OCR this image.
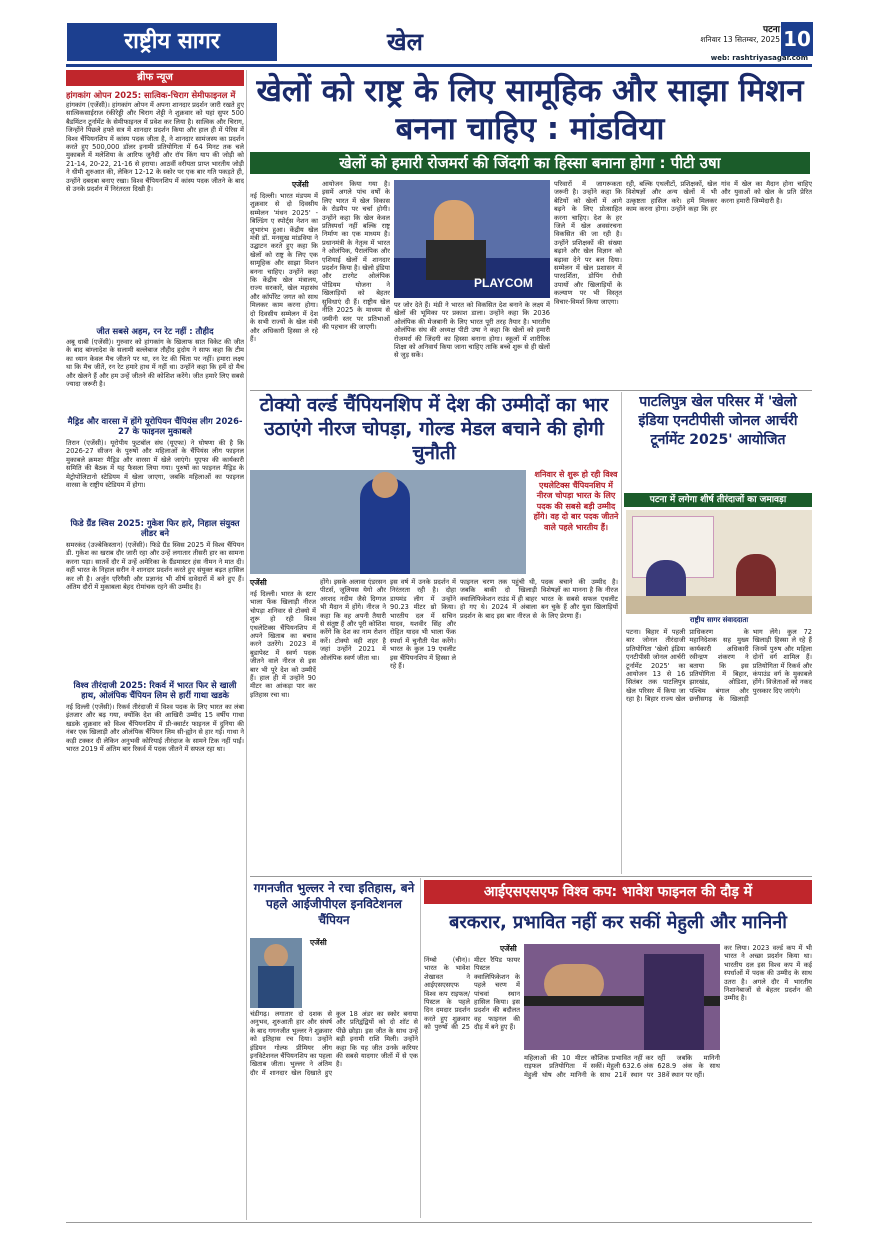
राष्ट्रीय सागर	खेल	पटना
शनिवार 13 सितम्बर, 2025 10
web: rashtriyasagar.com
ब्रीफ न्यूज
हांगकांग ओपन 2025: सात्विक-चिराग सेमीफाइनल में
हांगकांग (एजेंसी)। हांगकांग ओपन में अपना शानदार प्रदर्शन जारी रखते हुए सात्विकसाईराज रंकीरेड्डी और चिराग शेट्टी ने शुक्रवार को यहां सुपर 500 बैडमिंटन टूर्नामेंट के सेमीफाइनल में प्रवेश कर लिया है। सात्विक और चिराग, जिन्होंने पिछले हफ्ते सत्र में शानदार प्रदर्शन किया और हाल ही में पेरिस में विश्व चैंपियनशिप में कांस्य पदक जीता है, ने शानदार सामंजस्य का प्रदर्शन करते हुए 500,000 डॉलर इनामी प्रतियोगिता में 64 मिनट तक चले मुकाबले में मलेशिया के आरिफ जुनैदी और रॉय किंग याप की जोड़ी को 21-14, 20-22, 21-16 से हराया। आठवीं वरीयता प्राप्त भारतीय जोड़ी ने धीमी शुरुआत की, लेकिन 12-12 के स्कोर पर एक बार गति पकड़ते ही, उन्होंने दबदबा बनाए रखा। विश्व चैंपियनशिप में कांस्य पदक जीतने के बाद से उनके प्रदर्शन में निरंतरता दिखी है।
जीत सबसे अहम, रन रेट नहीं : तौहीद
अबू धाबी (एजेंसी)। गुरुवार को हांगकांग के खिलाफ सात विकेट की जीत के बाद बांग्लादेश के सलामी बल्लेबाज तौहीद हृदोय ने साफ कहा कि टीम का ध्यान केवल मैच जीतने पर था, रन रेट की चिंता पर नहीं। हमारा लक्ष्य था कि मैच जीतें, रन रेट हमारे हाथ में नहीं था। उन्होंने कहा कि हमें दो मैच और खेलने हैं और हम उन्हें जीतने की कोशिश करेंगे। जीत हमारे लिए सबसे ज्यादा जरूरी है।
मैड्रिड और वारसा में होंगे यूरोपियन चैंपियंस लीग 2026-27 के फाइनल मुकाबले
तिरान (एजेंसी)। यूरोपीय फुटबॉल संघ (यूएफा) ने घोषणा की है कि 2026-27 सीजन के पुरुषों और महिलाओं के चैंपियंस लीग फाइनल मुकाबले क्रमशः मैड्रिड और वारसा में खेले जाएंगे। यूएफा की कार्यकारी समिति की बैठक में यह फैसला लिया गया। पुरुषों का फाइनल मैड्रिड के मेट्रोपोलिटानो स्टेडियम में खेला जाएगा, जबकि महिलाओं का फाइनल वारसा के राष्ट्रीय स्टेडियम में होगा।
फिडे ग्रैंड स्विस 2025: गुकेश फिर हारे, निहाल संयुक्त लीडर बने
समरकंद (उज्बेकिस्तान) (एजेंसी)। फिडे ग्रैंड स्विस 2025 में विश्व चैंपियन डी. गुकेश का खराब दौर जारी रहा और उन्हें लगातार तीसरी हार का सामना करना पड़ा। सातवें दौर में उन्हें अमेरिका के ग्रैंडमास्टर हंस नीमन ने मात दी। वहीं भारत के निहाल सरीन ने शानदार प्रदर्शन करते हुए संयुक्त बढ़त हासिल कर ली है। अर्जुन एरिगैसी और प्रज्ञानंद भी शीर्ष दावेदारों में बने हुए हैं। अंतिम दौरों में मुकाबला बेहद रोमांचक रहने की उम्मीद है।
विश्व तीरंदाजी 2025: रिकर्व में भारत फिर से खाली हाथ, ओलंपिक चैंपियन लिम से हारीं गाथा खडके
नई दिल्ली (एजेंसी)। रिकर्व तीरंदाजी में विश्व पदक के लिए भारत का लंबा इंतजार और बढ़ गया, क्योंकि देश की आखिरी उम्मीद 15 वर्षीय गाथा खडके शुक्रवार को विश्व चैंपियनशिप में प्री-क्वार्टर फाइनल में दुनिया की नंबर एक खिलाड़ी और ओलंपिक चैंपियन लिम सी-ह्योन से हार गईं। गाथा ने कड़ी टक्कर दी लेकिन अनुभवी कोरियाई तीरंदाज के सामने टिक नहीं पाईं। भारत 2019 में अंतिम बार रिकर्व में पदक जीतने में सफल रहा था।
खेलों को राष्ट्र के लिए सामूहिक और साझा मिशन बनना चाहिए : मांडविया
खेलों को हमारी रोजमर्रा की जिंदगी का हिस्सा बनाना होगा : पीटी उषा
एजेंसी
नई दिल्ली। भारत मंडपम में शुक्रवार से दो दिवसीय सम्मेलन 'मंथन 2025' - बिल्डिंग ए स्पोर्ट्स नेशन का शुभारंभ हुआ। केंद्रीय खेल मंत्री डॉ. मनसुख मांडविया ने उद्घाटन करते हुए कहा कि खेलों को राष्ट्र के लिए एक सामूहिक और साझा मिशन बनना चाहिए। उन्होंने कहा कि केंद्रीय खेल मंत्रालय, राज्य सरकारें, खेल महासंघ और कॉर्पोरेट जगत को साथ मिलकर काम करना होगा। दो दिवसीय सम्मेलन में देश के सभी राज्यों के खेल मंत्री और अधिकारी हिस्सा ले रहे हैं।
आयोजन किया गया है। इसमें अगले पांच वर्षों के लिए भारत में खेल विकास के रोडमैप पर चर्चा होगी। उन्होंने कहा कि खेल केवल प्रतिस्पर्धा नहीं बल्कि राष्ट्र निर्माण का एक माध्यम है। प्रधानमंत्री के नेतृत्व में भारत ने ओलंपिक, पैरालंपिक और एशियाई खेलों में शानदार प्रदर्शन किया है। खेलो इंडिया और टारगेट ओलंपिक पोडियम योजना ने खिलाड़ियों को बेहतर सुविधाएं दी हैं। राष्ट्रीय खेल नीति 2025 के माध्यम से जमीनी स्तर पर प्रतिभाओं की पहचान की जाएगी।
PLAYCOM
पर जोर देते हैं। मंडी ने भारत को विकसित देश बनाने के लक्ष्य में खेलों की भूमिका पर प्रकाश डाला। उन्होंने कहा कि 2036 ओलंपिक की मेजबानी के लिए भारत पूरी तरह तैयार है। भारतीय ओलंपिक संघ की अध्यक्ष पीटी उषा ने कहा कि खेलों को हमारी रोजमर्रा की जिंदगी का हिस्सा बनाना होगा। स्कूलों में शारीरिक शिक्षा को अनिवार्य किया जाना चाहिए ताकि बच्चे शुरू से ही खेलों से जुड़ सकें।
परिवारों में जागरूकता जरूरी है। उन्होंने कहा कि बेटियों को खेलों में आगे बढ़ने के लिए प्रोत्साहित करना चाहिए। देश के हर जिले में खेल अवसंरचना विकसित की जा रही है। उन्होंने प्रशिक्षकों की संख्या बढ़ाने और खेल विज्ञान को बढ़ावा देने पर बल दिया। सम्मेलन में खेल प्रशासन में पारदर्शिता, डोपिंग रोधी उपायों और खिलाड़ियों के कल्याण पर भी विस्तृत विचार-विमर्श किया जाएगा।
रही, बल्कि एथलीटों, प्रशिक्षकों, खेल विशेषज्ञों और अन्य खेलों में भी उत्कृष्टता हासिल करे। हमें मिलकर काम करना होगा। उन्होंने कहा कि हर गांव में खेल का मैदान होना चाहिए और युवाओं को खेल के प्रति प्रेरित करना हमारी जिम्मेदारी है।
टोक्यो वर्ल्ड चैंपियनशिप में देश की उम्मीदों का भार उठाएंगे नीरज चोपड़ा, गोल्ड मेडल बचाने की होगी चुनौती
शनिवार से शुरू हो रही विश्व एथलेटिक्स चैंपियनशिप में नीरज चोपड़ा भारत के लिए पदक की सबसे बड़ी उम्मीद होंगे। वह दो बार पदक जीतने वाले पहले भारतीय हैं।
एजेंसी
नई दिल्ली। भारत के स्टार भाला फेंक खिलाड़ी नीरज चोपड़ा शनिवार से टोक्यो में शुरू हो रही विश्व एथलेटिक्स चैंपियनशिप में अपने खिताब का बचाव करने उतरेंगे। 2023 में बुडापेस्ट में स्वर्ण पदक जीतने वाले नीरज से इस बार भी पूरे देश को उम्मीदें हैं। हाल ही में उन्होंने 90 मीटर का आंकड़ा पार कर इतिहास रचा था।
होंगे। इसके अलावा एंडरसन पीटर्स, जूलियस येगो और अरशद नदीम जैसे दिग्गज भी मैदान में होंगे। नीरज ने कहा कि वह अपनी तैयारी से संतुष्ट हैं और पूरी कोशिश करेंगे कि देश का नाम रोशन करें। टोक्यो वही शहर है जहां उन्होंने 2021 में ओलंपिक स्वर्ण जीता था।
इस वर्ष में उनके प्रदर्शन में निरंतरता रही है। दोहा डायमंड लीग में उन्होंने 90.23 मीटर थ्रो किया। भारतीय दल में सचिन यादव, यशवीर सिंह और रोहित यादव भी भाला फेंक स्पर्धा में चुनौती पेश करेंगे। भारत के कुल 19 एथलीट इस चैंपियनशिप में हिस्सा ले रहे हैं।
फाइनल चरण तक पहुंची थी, जबकि बाकी दो खिलाड़ी क्वालिफिकेशन राउंड में ही बाहर हो गए थे। 2024 में अंबाला प्रदर्शन के बाद इस बार नीरज से पदक बचाने की उम्मीद है। विशेषज्ञों का मानना है कि नीरज भारत के सबसे सफल एथलीट बन चुके हैं और युवा खिलाड़ियों के लिए प्रेरणा हैं।
पाटलिपुत्र खेल परिसर में 'खेलो इंडिया एनटीपीसी जोनल आर्चरी टूर्नामेंट 2025' आयोजित
पटना में लगेगा शीर्ष तीरंदाजों का जमावड़ा
राष्ट्रीय सागर संवाददाता
पटना। बिहार में पहली बार जोनल तीरंदाजी प्रतियोगिता 'खेलो इंडिया एनटीपीसी जोनल आर्चरी टूर्नामेंट 2025' का आयोजन 13 से 16 सितंबर तक पाटलिपुत्र खेल परिसर में किया जा रहा है। बिहार राज्य खेल प्राधिकरण के महानिदेशक सह मुख्य कार्यकारी अधिकारी रवीन्द्रण शंकरण ने बताया कि इस प्रतियोगिता में बिहार, झारखंड, ओडिशा, पश्चिम बंगाल और छत्तीसगढ़ के खिलाड़ी भाग लेंगे। कुल 72 खिलाड़ी हिस्सा ले रहे हैं जिनमें पुरुष और महिला दोनों वर्ग शामिल हैं। प्रतियोगिता में रिकर्व और कंपाउंड वर्ग के मुकाबले होंगे। विजेताओं को नकद पुरस्कार दिए जाएंगे।
गगनजीत भुल्लर ने रचा इतिहास, बने पहले आईजीपीएल इनविटेशनल चैंपियन
एजेंसी
चंडीगढ़। लगातार दो दशक से अनुभव, शुरुआती हार और संघर्ष के बाद गगनजीत भुल्लर ने शुक्रवार को इतिहास रच दिया। उन्होंने इंडियन गोल्फ प्रीमियर लीग इनविटेशनल चैंपियनशिप का पहला खिताब जीता। भुल्लर ने अंतिम दौर में शानदार खेल दिखाते हुए कुल 18 अंडर का स्कोर बनाया और प्रतिद्वंद्वियों को दो शॉट से पीछे छोड़ा। इस जीत के साथ उन्हें बड़ी इनामी राशि मिली। उन्होंने कहा कि यह जीत उनके करियर की सबसे यादगार जीतों में से एक है।
आईएसएसएफ विश्व कप: भावेश फाइनल की दौड़ में
बरकरार, प्रभावित नहीं कर सकीं मेहुली और मानिनी
एजेंसी
निंग्बो (चीन)। भारत के भावेश शेखावत ने आईएसएसएफ विश्व कप राइफल/पिस्टल के पहले दिन दमदार प्रदर्शन करते हुए शुक्रवार को पुरुषों की 25 मीटर रैपिड फायर पिस्टल क्वालिफिकेशन के पहले चरण में पांचवां स्थान हासिल किया। इस प्रदर्शन की बदौलत वह फाइनल की दौड़ में बने हुए हैं।
महिलाओं की 10 मीटर राइफल प्रतियोगिता में मेहुली घोष और मानिनी कौशिक प्रभावित नहीं कर सकीं। मेहुली 632.6 अंक के साथ 21वें स्थान पर रहीं जबकि मानिनी 628.9 अंक के साथ 38वें स्थान पर रहीं।
कर लिया। 2023 वर्ल्ड कप में भी भारत ने अच्छा प्रदर्शन किया था। भारतीय दल इस विश्व कप में कई स्पर्धाओं में पदक की उम्मीद के साथ उतरा है। अगले दौर में भारतीय निशानेबाजों से बेहतर प्रदर्शन की उम्मीद है।
